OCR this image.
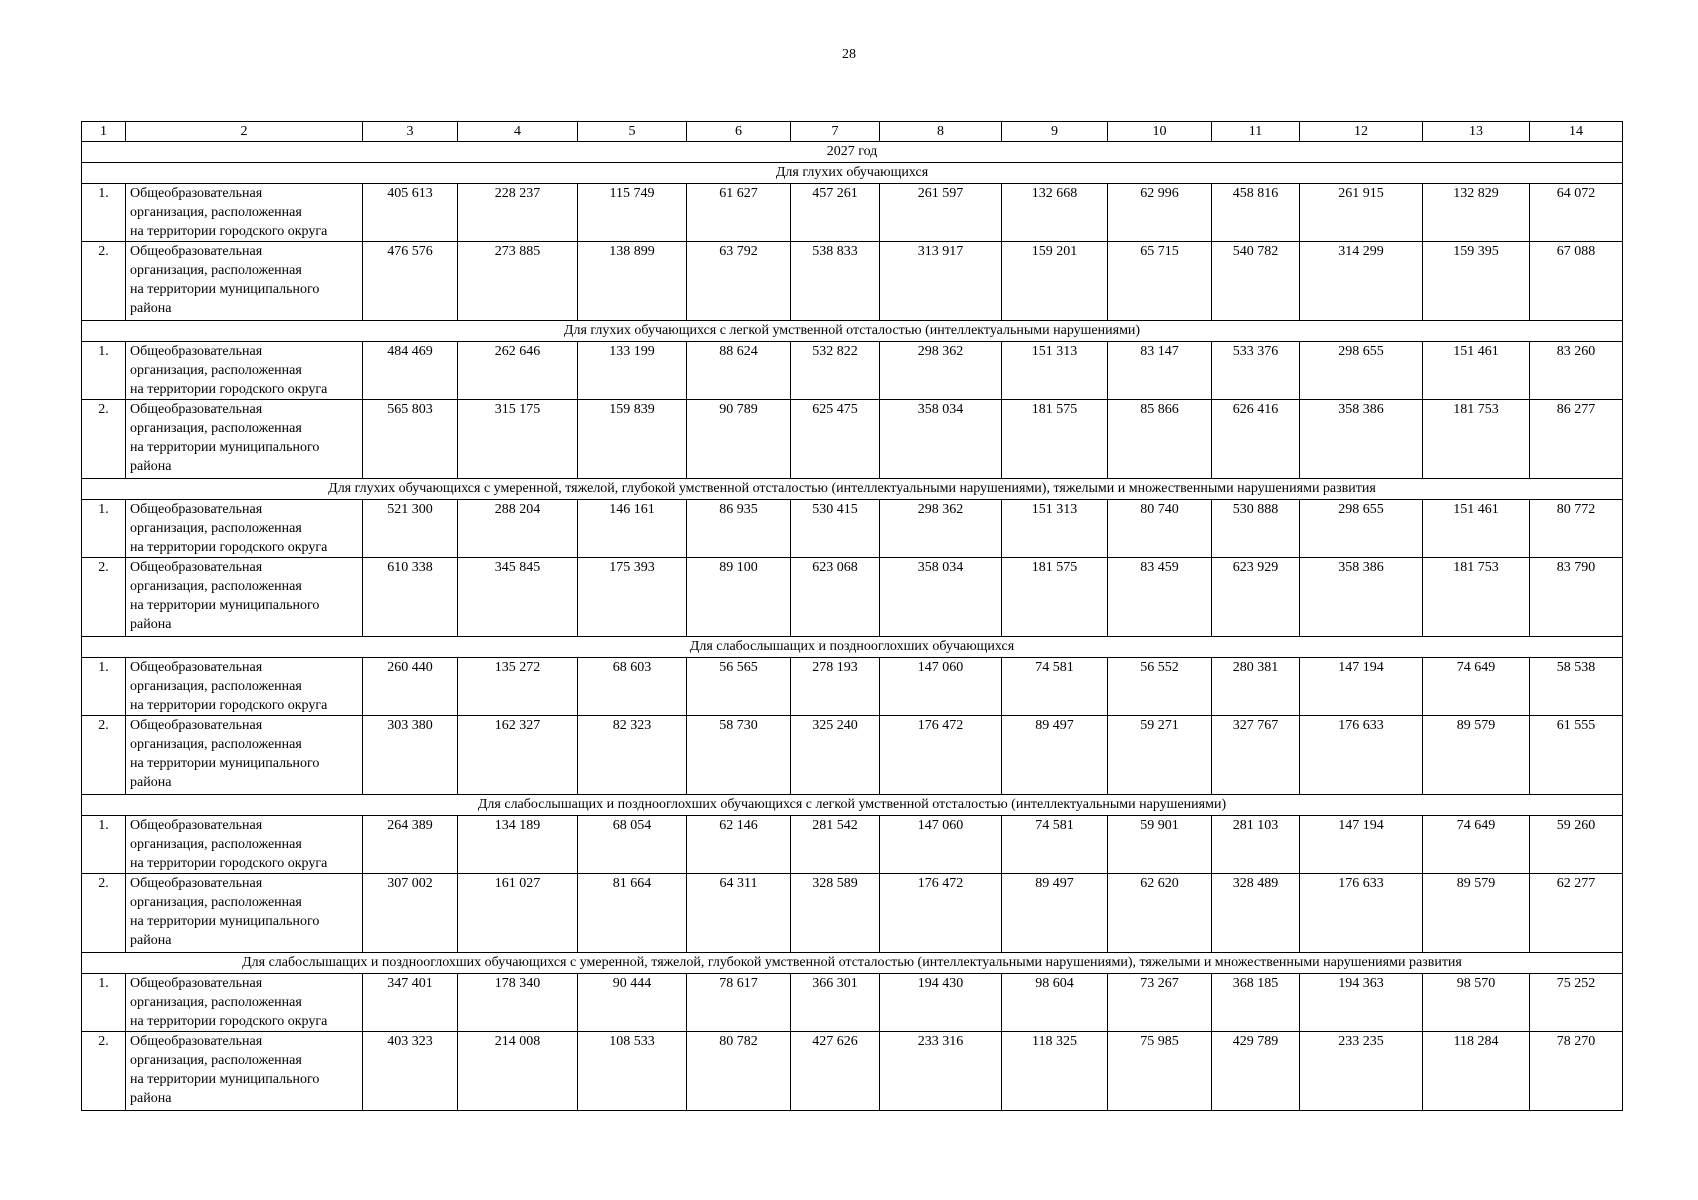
28
1	2	3	4	5	6	7	8	9	10	11	12	13	14
2027 год													
Для глухих обучающихся													
1.	Общеобразовательная
организация, расположенная
на территории городского округа	405 613	228 237	115 749	61 627	457 261	261 597	132 668	62 996	458 816	261 915	132 829	64 072
2.	Общеобразовательная
организация, расположенная
на территории муниципального
района	476 576	273 885	138 899	63 792	538 833	313 917	159 201	65 715	540 782	314 299	159 395	67 088
Для глухих обучающихся с легкой умственной отсталостью (интеллектуальными нарушениями)													
1.	Общеобразовательная
организация, расположенная
на территории городского округа	484 469	262 646	133 199	88 624	532 822	298 362	151 313	83 147	533 376	298 655	151 461	83 260
2.	Общеобразовательная
организация, расположенная
на территории муниципального
района	565 803	315 175	159 839	90 789	625 475	358 034	181 575	85 866	626 416	358 386	181 753	86 277
Для глухих обучающихся с умеренной, тяжелой, глубокой умственной отсталостью (интеллектуальными нарушениями), тяжелыми и множественными нарушениями развития													
1.	Общеобразовательная
организация, расположенная
на территории городского округа	521 300	288 204	146 161	86 935	530 415	298 362	151 313	80 740	530 888	298 655	151 461	80 772
2.	Общеобразовательная
организация, расположенная
на территории муниципального
района	610 338	345 845	175 393	89 100	623 068	358 034	181 575	83 459	623 929	358 386	181 753	83 790
Для слабослышащих и позднооглохших обучающихся													
1.	Общеобразовательная
организация, расположенная
на территории городского округа	260 440	135 272	68 603	56 565	278 193	147 060	74 581	56 552	280 381	147 194	74 649	58 538
2.	Общеобразовательная
организация, расположенная
на территории муниципального
района	303 380	162 327	82 323	58 730	325 240	176 472	89 497	59 271	327 767	176 633	89 579	61 555
Для слабослышащих и позднооглохших обучающихся с легкой умственной отсталостью (интеллектуальными нарушениями)													
1.	Общеобразовательная
организация, расположенная
на территории городского округа	264 389	134 189	68 054	62 146	281 542	147 060	74 581	59 901	281 103	147 194	74 649	59 260
2.	Общеобразовательная
организация, расположенная
на территории муниципального
района	307 002	161 027	81 664	64 311	328 589	176 472	89 497	62 620	328 489	176 633	89 579	62 277
Для слабослышащих и позднооглохших обучающихся с умеренной, тяжелой, глубокой умственной отсталостью (интеллектуальными нарушениями), тяжелыми и множественными нарушениями развития													
1.	Общеобразовательная
организация, расположенная
на территории городского округа	347 401	178 340	90 444	78 617	366 301	194 430	98 604	73 267	368 185	194 363	98 570	75 252
2.	Общеобразовательная
организация, расположенная
на территории муниципального
района	403 323	214 008	108 533	80 782	427 626	233 316	118 325	75 985	429 789	233 235	118 284	78 270
